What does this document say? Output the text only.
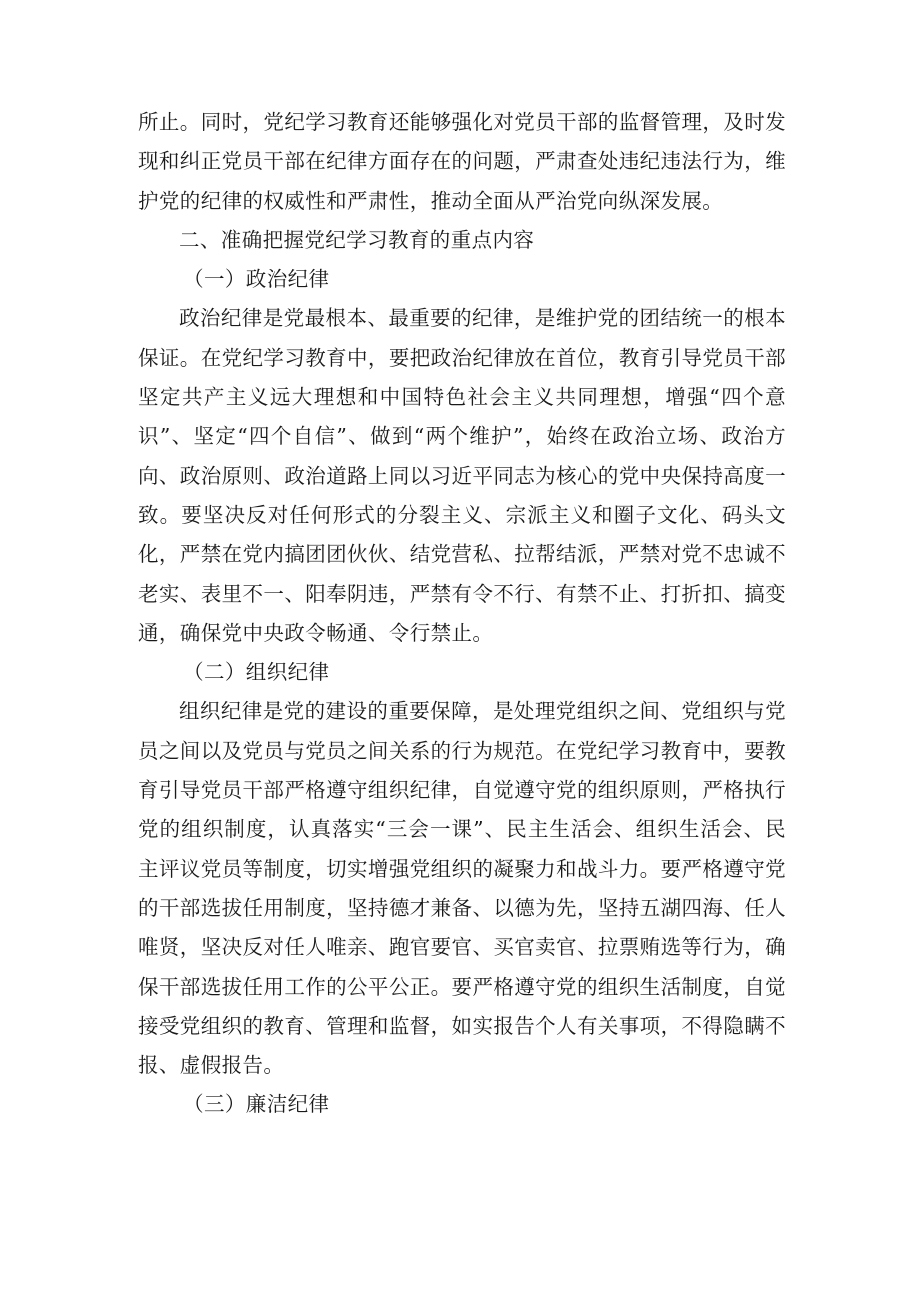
所止。同时，党纪学习教育还能够强化对党员干部的监督管理，及时发现和纠正党员干部在纪律方面存在的问题，严肃查处违纪违法行为，维护党的纪律的权威性和严肃性，推动全面从严治党向纵深发展。

二、准确把握党纪学习教育的重点内容

（一）政治纪律

政治纪律是党最根本、最重要的纪律，是维护党的团结统一的根本保证。在党纪学习教育中，要把政治纪律放在首位，教育引导党员干部坚定共产主义远大理想和中国特色社会主义共同理想，增强“四个意识”、坚定“四个自信”、做到“两个维护”，始终在政治立场、政治方向、政治原则、政治道路上同以习近平同志为核心的党中央保持高度一致。要坚决反对任何形式的分裂主义、宗派主义和圈子文化、码头文化，严禁在党内搞团团伙伙、结党营私、拉帮结派，严禁对党不忠诚不老实、表里不一、阳奉阴违，严禁有令不行、有禁不止、打折扣、搞变通，确保党中央政令畅通、令行禁止。

（二）组织纪律

组织纪律是党的建设的重要保障，是处理党组织之间、党组织与党员之间以及党员与党员之间关系的行为规范。在党纪学习教育中，要教育引导党员干部严格遵守组织纪律，自觉遵守党的组织原则，严格执行党的组织制度，认真落实“三会一课”、民主生活会、组织生活会、民主评议党员等制度，切实增强党组织的凝聚力和战斗力。要严格遵守党的干部选拔任用制度，坚持德才兼备、以德为先，坚持五湖四海、任人唯贤，坚决反对任人唯亲、跑官要官、买官卖官、拉票贿选等行为，确保干部选拔任用工作的公平公正。要严格遵守党的组织生活制度，自觉接受党组织的教育、管理和监督，如实报告个人有关事项，不得隐瞒不报、虚假报告。

（三）廉洁纪律
